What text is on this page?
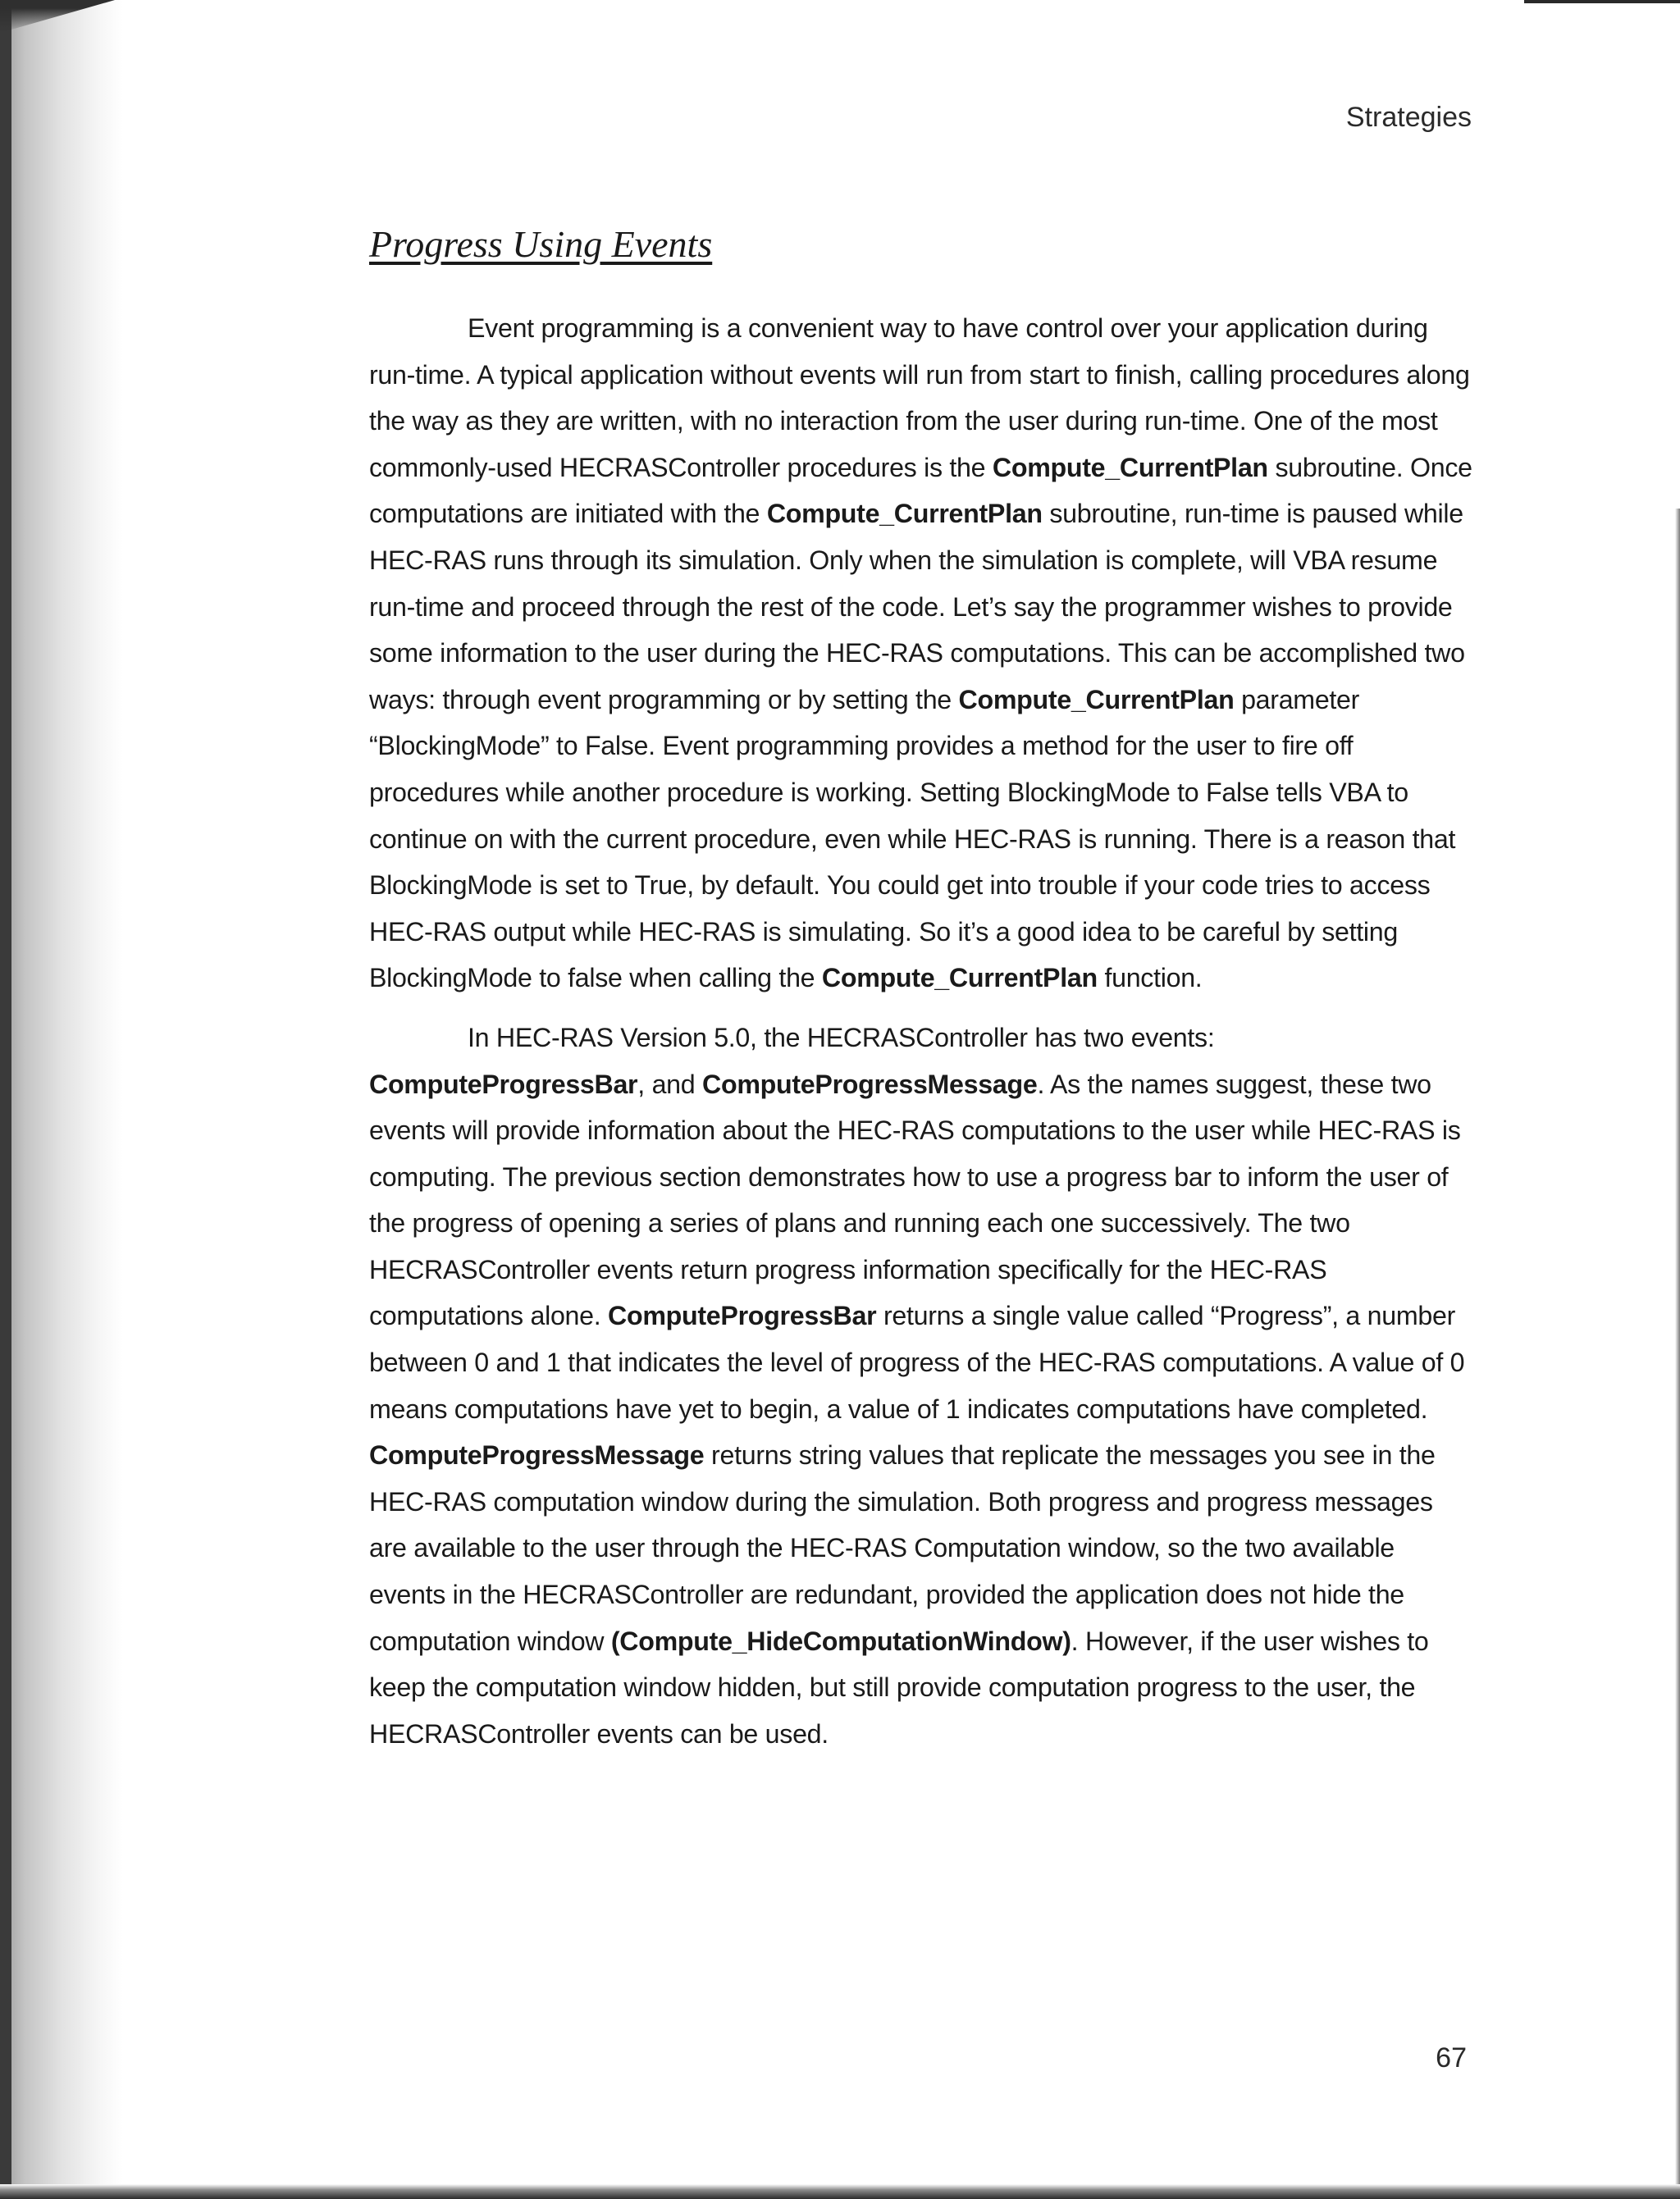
Strategies
Progress Using Events

Event programming is a convenient way to have control over your application during run-time. A typical application without events will run from start to finish, calling procedures along the way as they are written, with no interaction from the user during run-time. One of the most commonly-used HECRASController procedures is the Compute_CurrentPlan subroutine. Once computations are initiated with the Compute_CurrentPlan subroutine, run-time is paused while HEC-RAS runs through its simulation. Only when the simulation is complete, will VBA resume run-time and proceed through the rest of the code. Let’s say the programmer wishes to provide some information to the user during the HEC-RAS computations. This can be accomplished two ways: through event programming or by setting the Compute_CurrentPlan parameter “BlockingMode” to False. Event programming provides a method for the user to fire off procedures while another procedure is working. Setting BlockingMode to False tells VBA to continue on with the current procedure, even while HEC-RAS is running. There is a reason that BlockingMode is set to True, by default. You could get into trouble if your code tries to access HEC-RAS output while HEC-RAS is simulating. So it’s a good idea to be careful by setting BlockingMode to false when calling the Compute_CurrentPlan function.

In HEC-RAS Version 5.0, the HECRASController has two events: ComputeProgressBar, and ComputeProgressMessage. As the names suggest, these two events will provide information about the HEC-RAS computations to the user while HEC-RAS is computing. The previous section demonstrates how to use a progress bar to inform the user of the progress of opening a series of plans and running each one successively. The two HECRASController events return progress information specifically for the HEC-RAS computations alone. ComputeProgressBar returns a single value called “Progress”, a number between 0 and 1 that indicates the level of progress of the HEC-RAS computations. A value of 0 means computations have yet to begin, a value of 1 indicates computations have completed. ComputeProgressMessage returns string values that replicate the messages you see in the HEC-RAS computation window during the simulation. Both progress and progress messages are available to the user through the HEC-RAS Computation window, so the two available events in the HECRASController are redundant, provided the application does not hide the computation window (Compute_HideComputationWindow). However, if the user wishes to keep the computation window hidden, but still provide computation progress to the user, the HECRASController events can be used.

67
